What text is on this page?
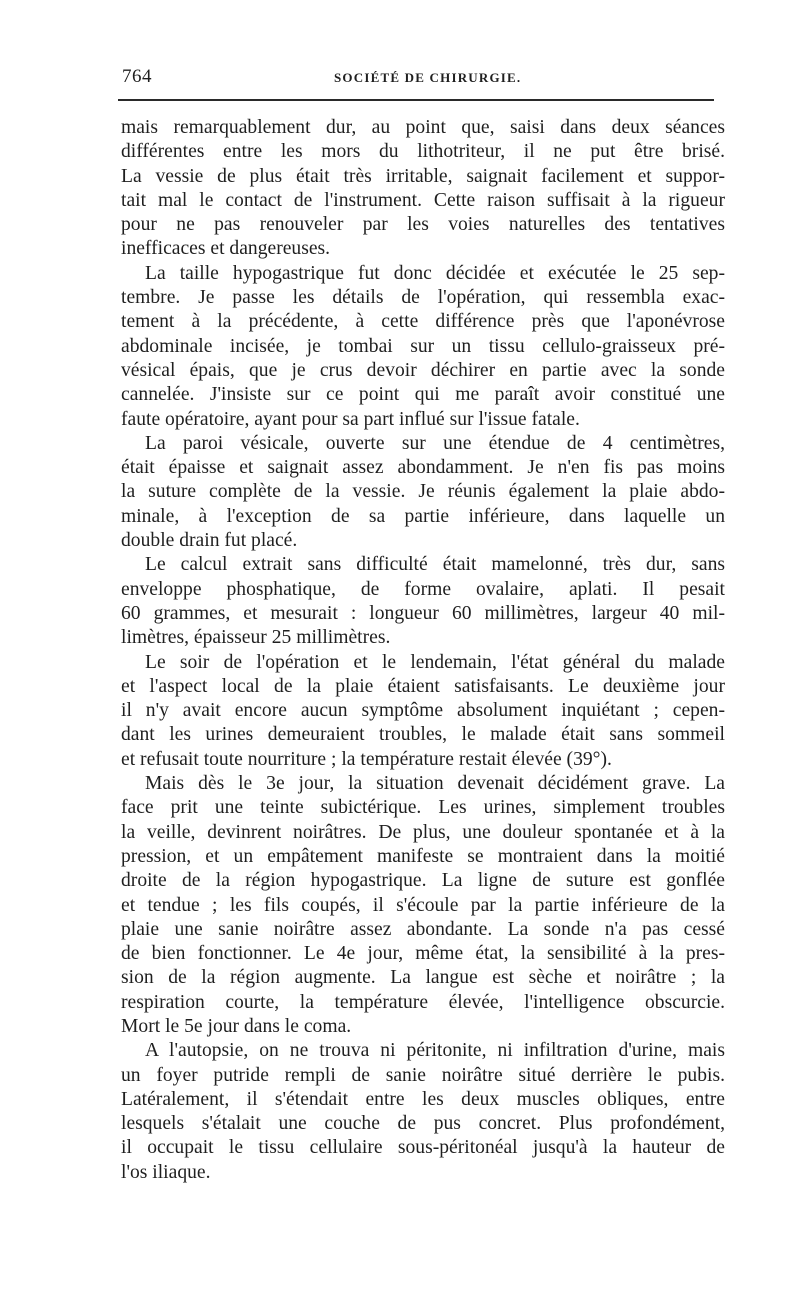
764	SOCIÉTÉ DE CHIRURGIE.
mais remarquablement dur, au point que, saisi dans deux séances
différentes entre les mors du lithotriteur, il ne put être brisé.
La vessie de plus était très irritable, saignait facilement et suppor-
tait mal le contact de l'instrument. Cette raison suffisait à la rigueur
pour ne pas renouveler par les voies naturelles des tentatives
inefficaces et dangereuses.
La taille hypogastrique fut donc décidée et exécutée le 25 sep-
tembre. Je passe les détails de l'opération, qui ressembla exac-
tement à la précédente, à cette différence près que l'aponévrose
abdominale incisée, je tombai sur un tissu cellulo-graisseux pré-
vésical épais, que je crus devoir déchirer en partie avec la sonde
cannelée. J'insiste sur ce point qui me paraît avoir constitué une
faute opératoire, ayant pour sa part influé sur l'issue fatale.
La paroi vésicale, ouverte sur une étendue de 4 centimètres,
était épaisse et saignait assez abondamment. Je n'en fis pas moins
la suture complète de la vessie. Je réunis également la plaie abdo-
minale, à l'exception de sa partie inférieure, dans laquelle un
double drain fut placé.
Le calcul extrait sans difficulté était mamelonné, très dur, sans
enveloppe phosphatique, de forme ovalaire, aplati. Il pesait
60 grammes, et mesurait : longueur 60 millimètres, largeur 40 mil-
limètres, épaisseur 25 millimètres.
Le soir de l'opération et le lendemain, l'état général du malade
et l'aspect local de la plaie étaient satisfaisants. Le deuxième jour
il n'y avait encore aucun symptôme absolument inquiétant ; cepen-
dant les urines demeuraient troubles, le malade était sans sommeil
et refusait toute nourriture ; la température restait élevée (39°).
Mais dès le 3e jour, la situation devenait décidément grave. La
face prit une teinte subictérique. Les urines, simplement troubles
la veille, devinrent noirâtres. De plus, une douleur spontanée et à la
pression, et un empâtement manifeste se montraient dans la moitié
droite de la région hypogastrique. La ligne de suture est gonflée
et tendue ; les fils coupés, il s'écoule par la partie inférieure de la
plaie une sanie noirâtre assez abondante. La sonde n'a pas cessé
de bien fonctionner. Le 4e jour, même état, la sensibilité à la pres-
sion de la région augmente. La langue est sèche et noirâtre ; la
respiration courte, la température élevée, l'intelligence obscurcie.
Mort le 5e jour dans le coma.
A l'autopsie, on ne trouva ni péritonite, ni infiltration d'urine, mais
un foyer putride rempli de sanie noirâtre situé derrière le pubis.
Latéralement, il s'étendait entre les deux muscles obliques, entre
lesquels s'étalait une couche de pus concret. Plus profondément,
il occupait le tissu cellulaire sous-péritonéal jusqu'à la hauteur de
l'os iliaque.
